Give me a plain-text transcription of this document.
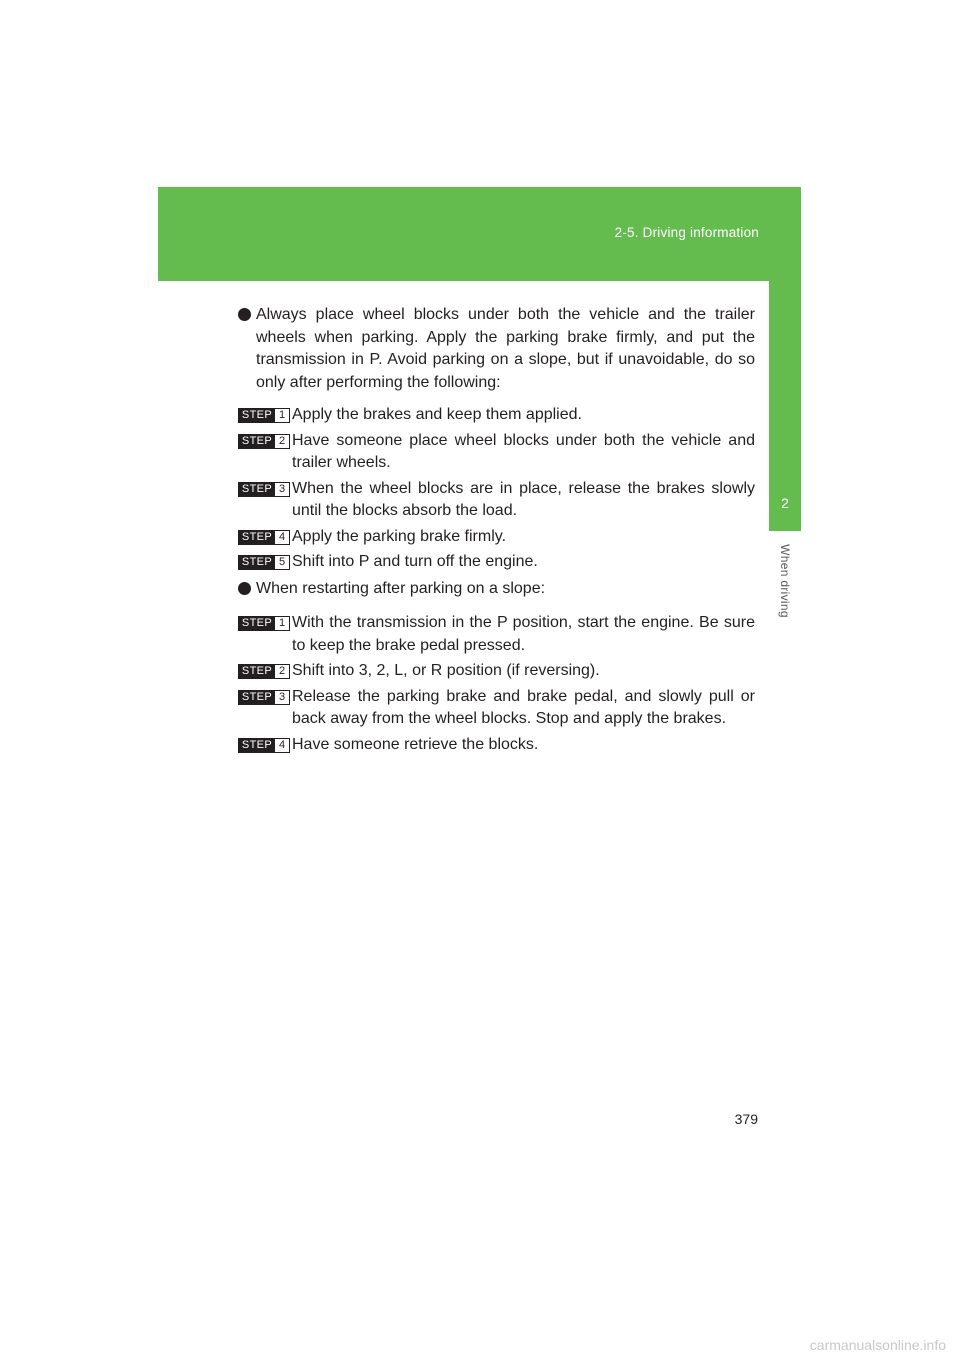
2-5. Driving information
2
When driving
Always place wheel blocks under both the vehicle and the trailer wheels when parking. Apply the parking brake firmly, and put the transmission in P. Avoid parking on a slope, but if unavoidable, do so only after performing the following:
STEP 1 Apply the brakes and keep them applied.
STEP 2 Have someone place wheel blocks under both the vehicle and trailer wheels.
STEP 3 When the wheel blocks are in place, release the brakes slowly until the blocks absorb the load.
STEP 4 Apply the parking brake firmly.
STEP 5 Shift into P and turn off the engine.
When restarting after parking on a slope:
STEP 1 With the transmission in the P position, start the engine. Be sure to keep the brake pedal pressed.
STEP 2 Shift into 3, 2, L, or R position (if reversing).
STEP 3 Release the parking brake and brake pedal, and slowly pull or back away from the wheel blocks. Stop and apply the brakes.
STEP 4 Have someone retrieve the blocks.
379
carmanualsonline.info
